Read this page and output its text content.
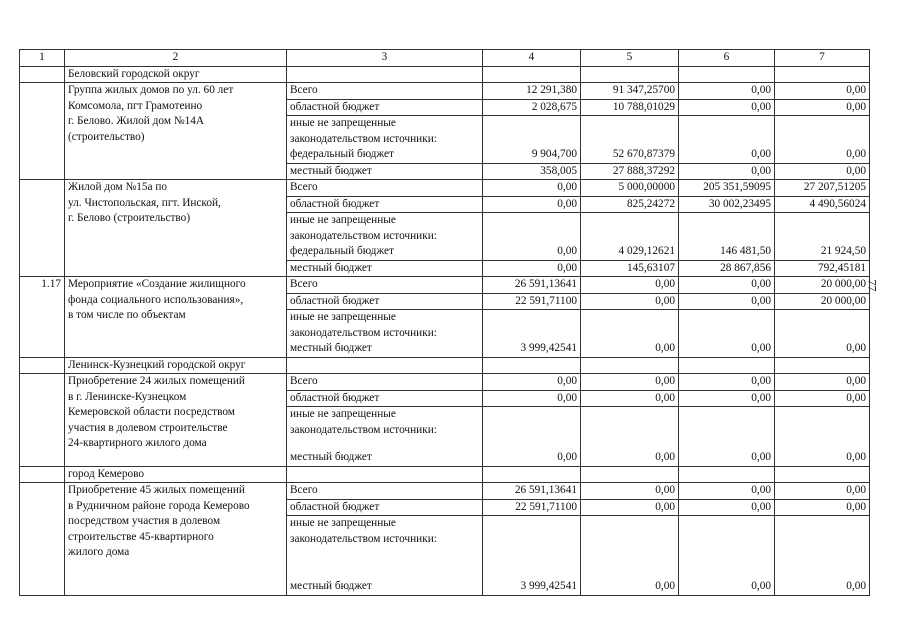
1	2	3	4	5	6	7
	Беловский городской округ					

	Группа жилых домов по ул. 60 лет
Комсомола, пгт Грамотеино
г. Белово. Жилой дом №14А
(строительство)	Всего	12 291,380	91 347,25700	0,00	0,00
		областной бюджет	2 028,675	10 788,01029	0,00	0,00
		иные не запрещенные законодательством источники:				
		федеральный бюджет	9 904,700	52 670,87379	0,00	0,00
		местный бюджет	358,005	27 888,37292	0,00	0,00

	Жилой дом №15а по
ул. Чистопольская, пгт. Инской,
г. Белово (строительство)	Всего	0,00	5 000,00000	205 351,59095	27 207,51205
		областной бюджет	0,00	825,24272	30 002,23495	4 490,56024
		иные не запрещенные законодательством источники:				
		федеральный бюджет	0,00	4 029,12621	146 481,50	21 924,50
		местный бюджет	0,00	145,63107	28 867,856	792,45181
1.17	Мероприятие «Создание жилищного
фонда социального использования»,
в том числе по объектам	Всего	26 591,13641	0,00	0,00	20 000,00
		областной бюджет	22 591,71100	0,00	0,00	20 000,00
		иные не запрещенные законодательством источники:				
		местный бюджет	3 999,42541	0,00	0,00	0,00
	Ленинск-Кузнецкий городской округ					

	Приобретение 24 жилых помещений
в г. Ленинске-Кузнецком
Кемеровской области посредством
участия в долевом строительстве
24-квартирного жилого дома	Всего	0,00	0,00	0,00	0,00
		областной бюджет	0,00	0,00	0,00	0,00
		иные не запрещенные законодательством источники:				
		местный бюджет	0,00	0,00	0,00	0,00
	город Кемерово					

	Приобретение 45 жилых помещений
в Рудничном районе города Кемерово
посредством участия в долевом
строительстве 45-квартирного
жилого дома	Всего	26 591,13641	0,00	0,00	0,00
		областной бюджет	22 591,71100	0,00	0,00	0,00
		иные не запрещенные законодательством источники:				
		местный бюджет	3 999,42541	0,00	0,00	0,00
77
